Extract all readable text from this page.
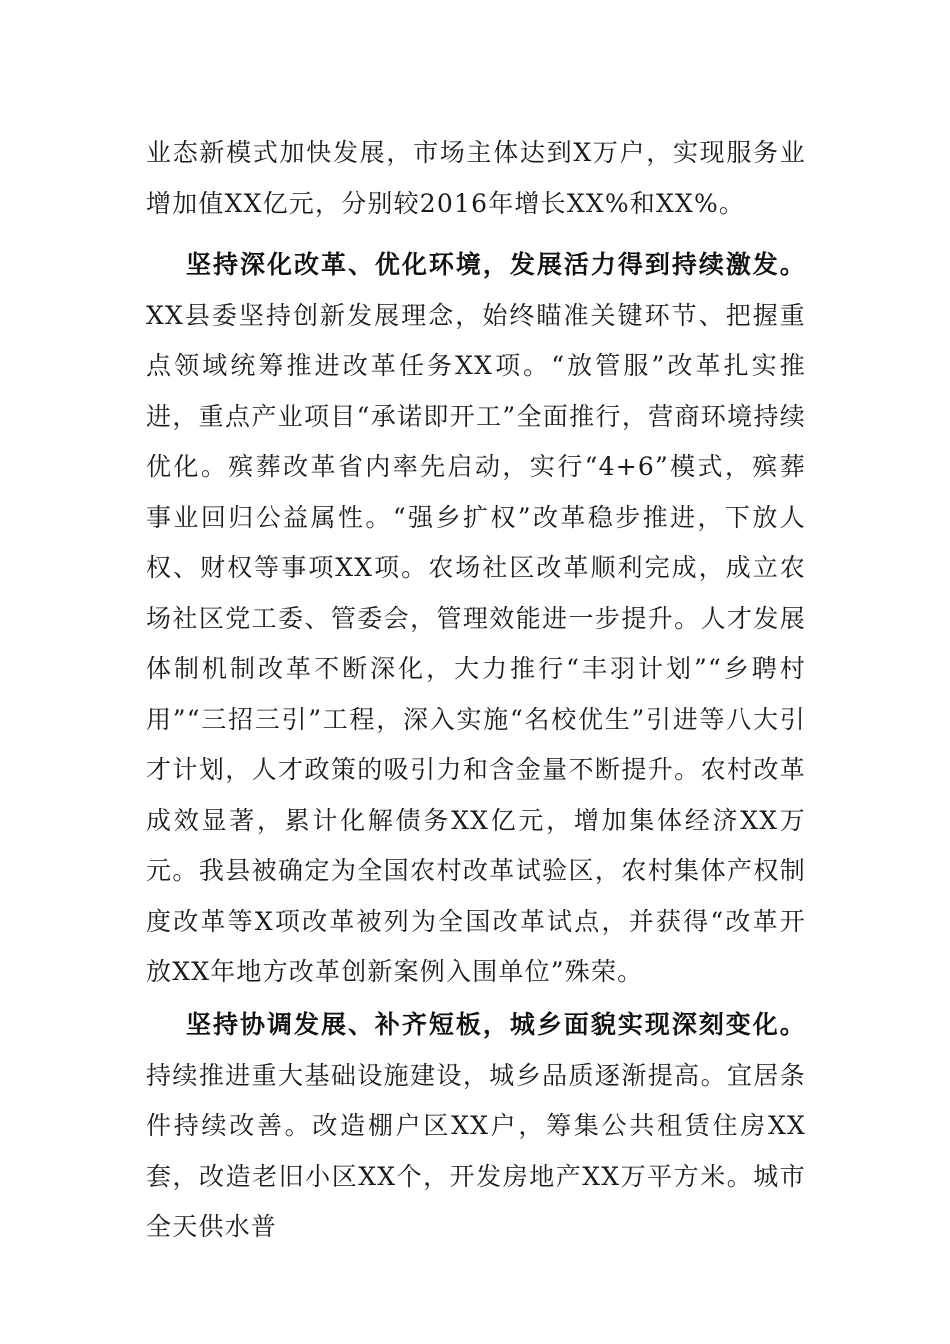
业态新模式加快发展，市场主体达到X万户，实现服务业增加值XX亿元，分别较2016年增长XX%和XX%。
坚持深化改革、优化环境，发展活力得到持续激发。XX县委坚持创新发展理念，始终瞄准关键环节、把握重点领域统筹推进改革任务XX项。“放管服”改革扎实推进，重点产业项目“承诺即开工”全面推行，营商环境持续优化。殡葬改革省内率先启动，实行“4+6”模式，殡葬事业回归公益属性。“强乡扩权”改革稳步推进，下放人权、财权等事项XX项。农场社区改革顺利完成，成立农场社区党工委、管委会，管理效能进一步提升。人才发展体制机制改革不断深化，大力推行“丰羽计划”“乡聘村用”“三招三引”工程，深入实施“名校优生”引进等八大引才计划，人才政策的吸引力和含金量不断提升。农村改革成效显著，累计化解债务XX亿元，增加集体经济XX万元。我县被确定为全国农村改革试验区，农村集体产权制度改革等X项改革被列为全国改革试点，并获得“改革开放XX年地方改革创新案例入围单位”殊荣。
坚持协调发展、补齐短板，城乡面貌实现深刻变化。持续推进重大基础设施建设，城乡品质逐渐提高。宜居条件持续改善。改造棚户区XX户，筹集公共租赁住房XX套，改造老旧小区XX个，开发房地产XX万平方米。城市全天供水普
